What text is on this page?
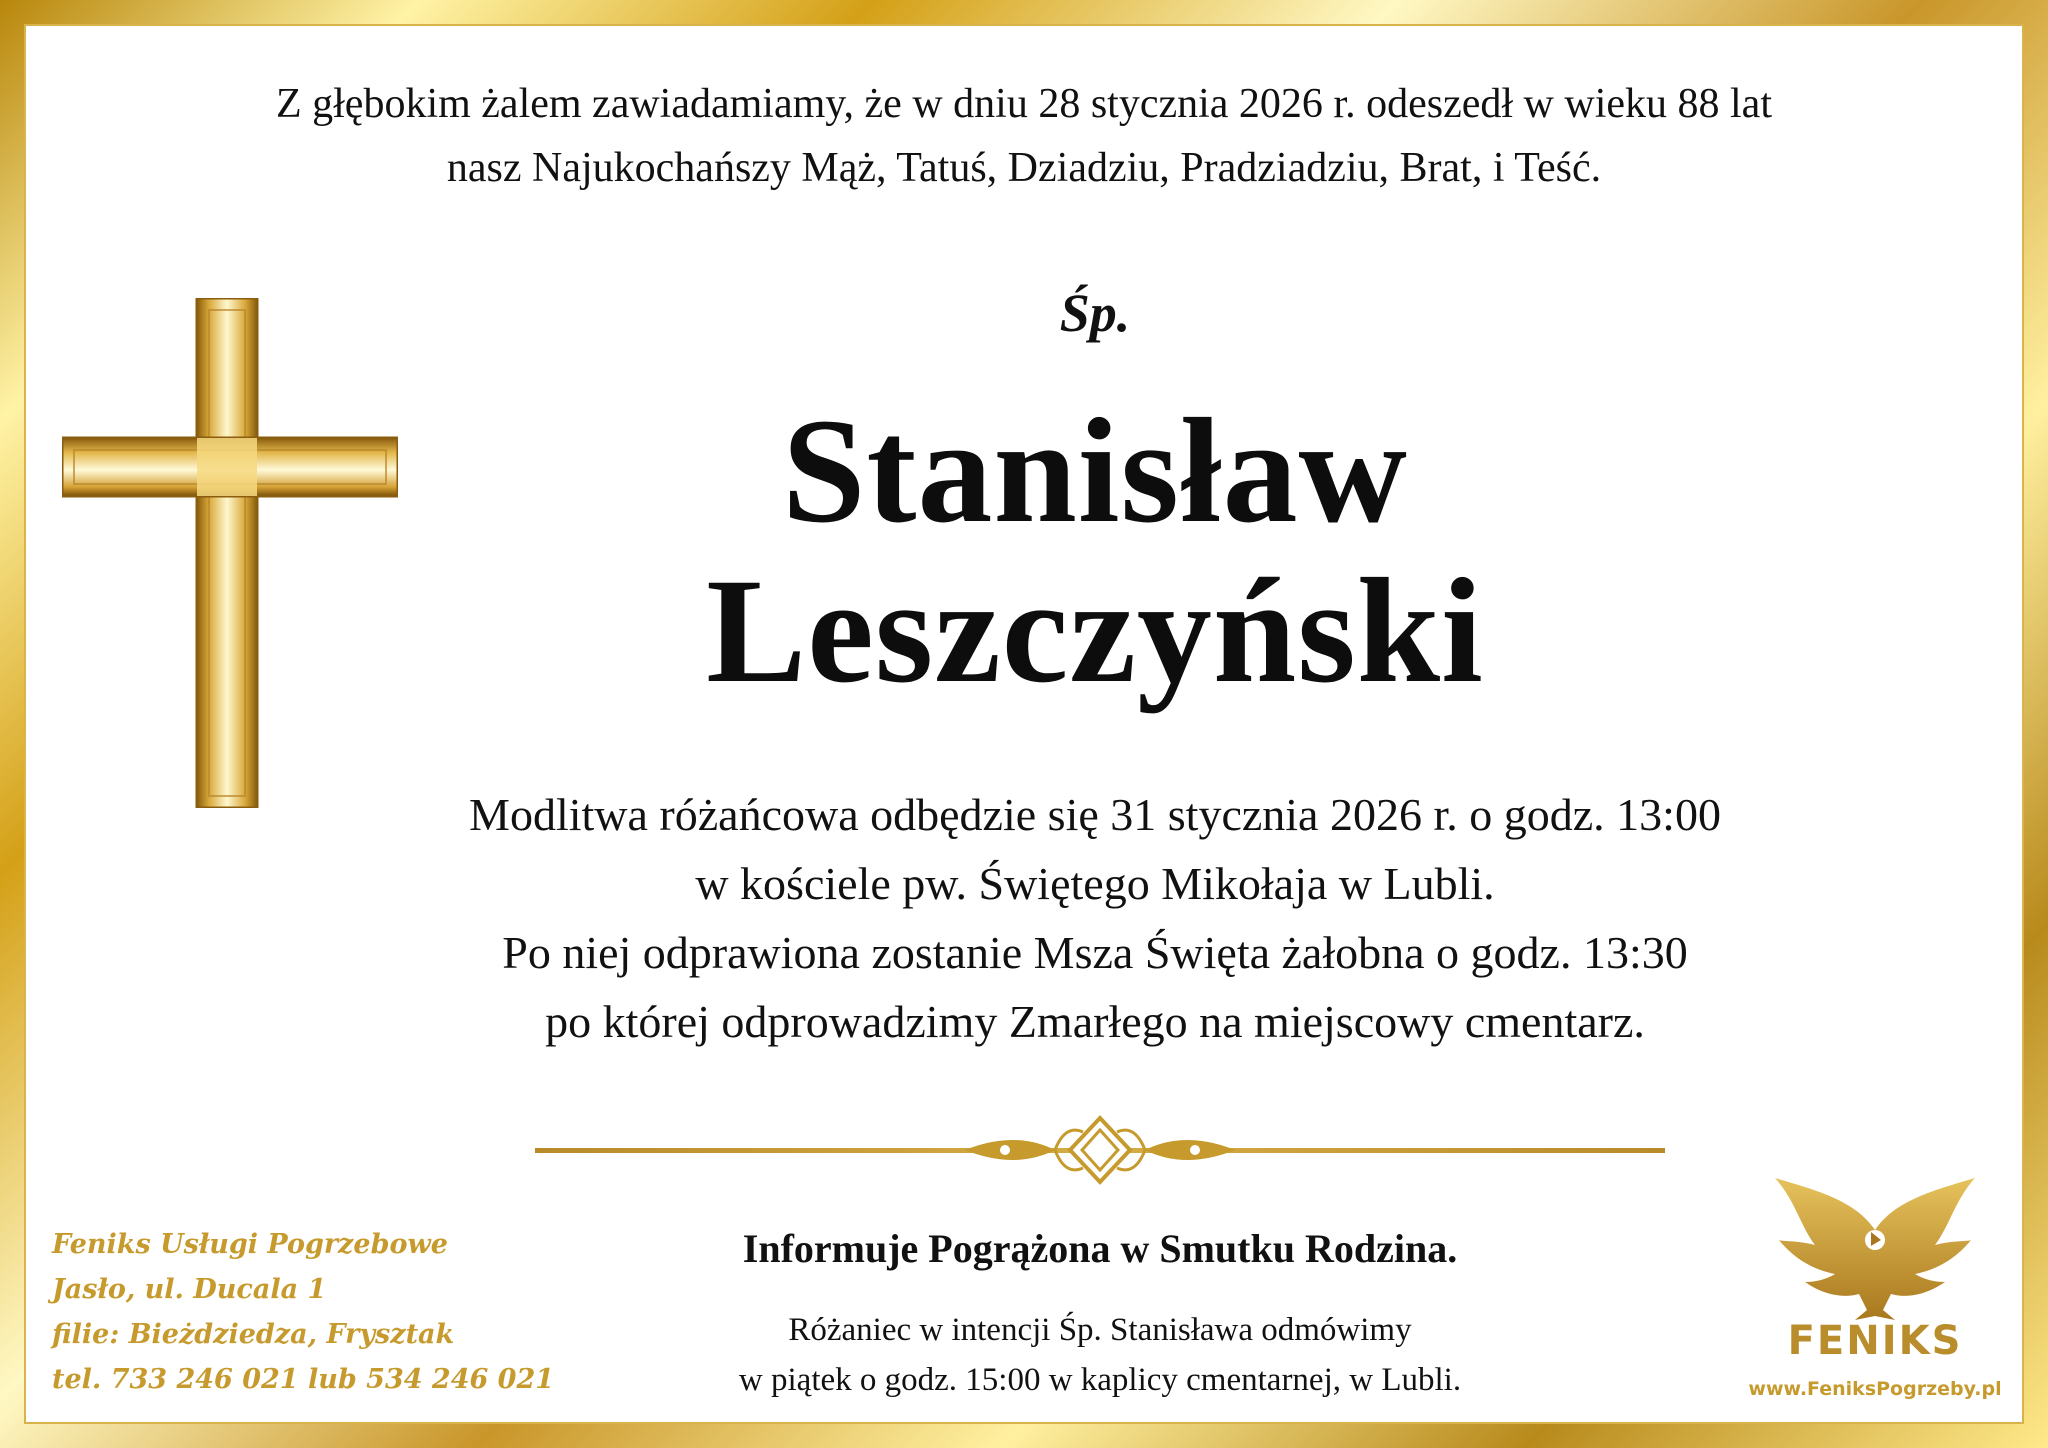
Z głębokim żalem zawiadamiamy, że w dniu 28 stycznia 2026 r. odeszedł w wieku 88 lat
nasz Najukochańszy Mąż, Tatuś, Dziadziu, Pradziadziu, Brat, i Teść.
Śp.
Stanisław
Leszczyński
Modlitwa różańcowa odbędzie się 31 stycznia 2026 r. o godz. 13:00
w kościele pw. Świętego Mikołaja w Lubli.
Po niej odprawiona zostanie Msza Święta żałobna o godz. 13:30
po której odprowadzimy Zmarłego na miejscowy cmentarz.
Informuje Pogrążona w Smutku Rodzina.
Różaniec w intencji Śp. Stanisława odmówimy
w piątek o godz. 15:00 w kaplicy cmentarnej, w Lubli.
Feniks Usługi Pogrzebowe
Jasło, ul. Ducala 1
filie: Bieżdziedza, Frysztak
tel. 733 246 021 lub 534 246 021
FENIKS
www.FeniksPogrzeby.pl
